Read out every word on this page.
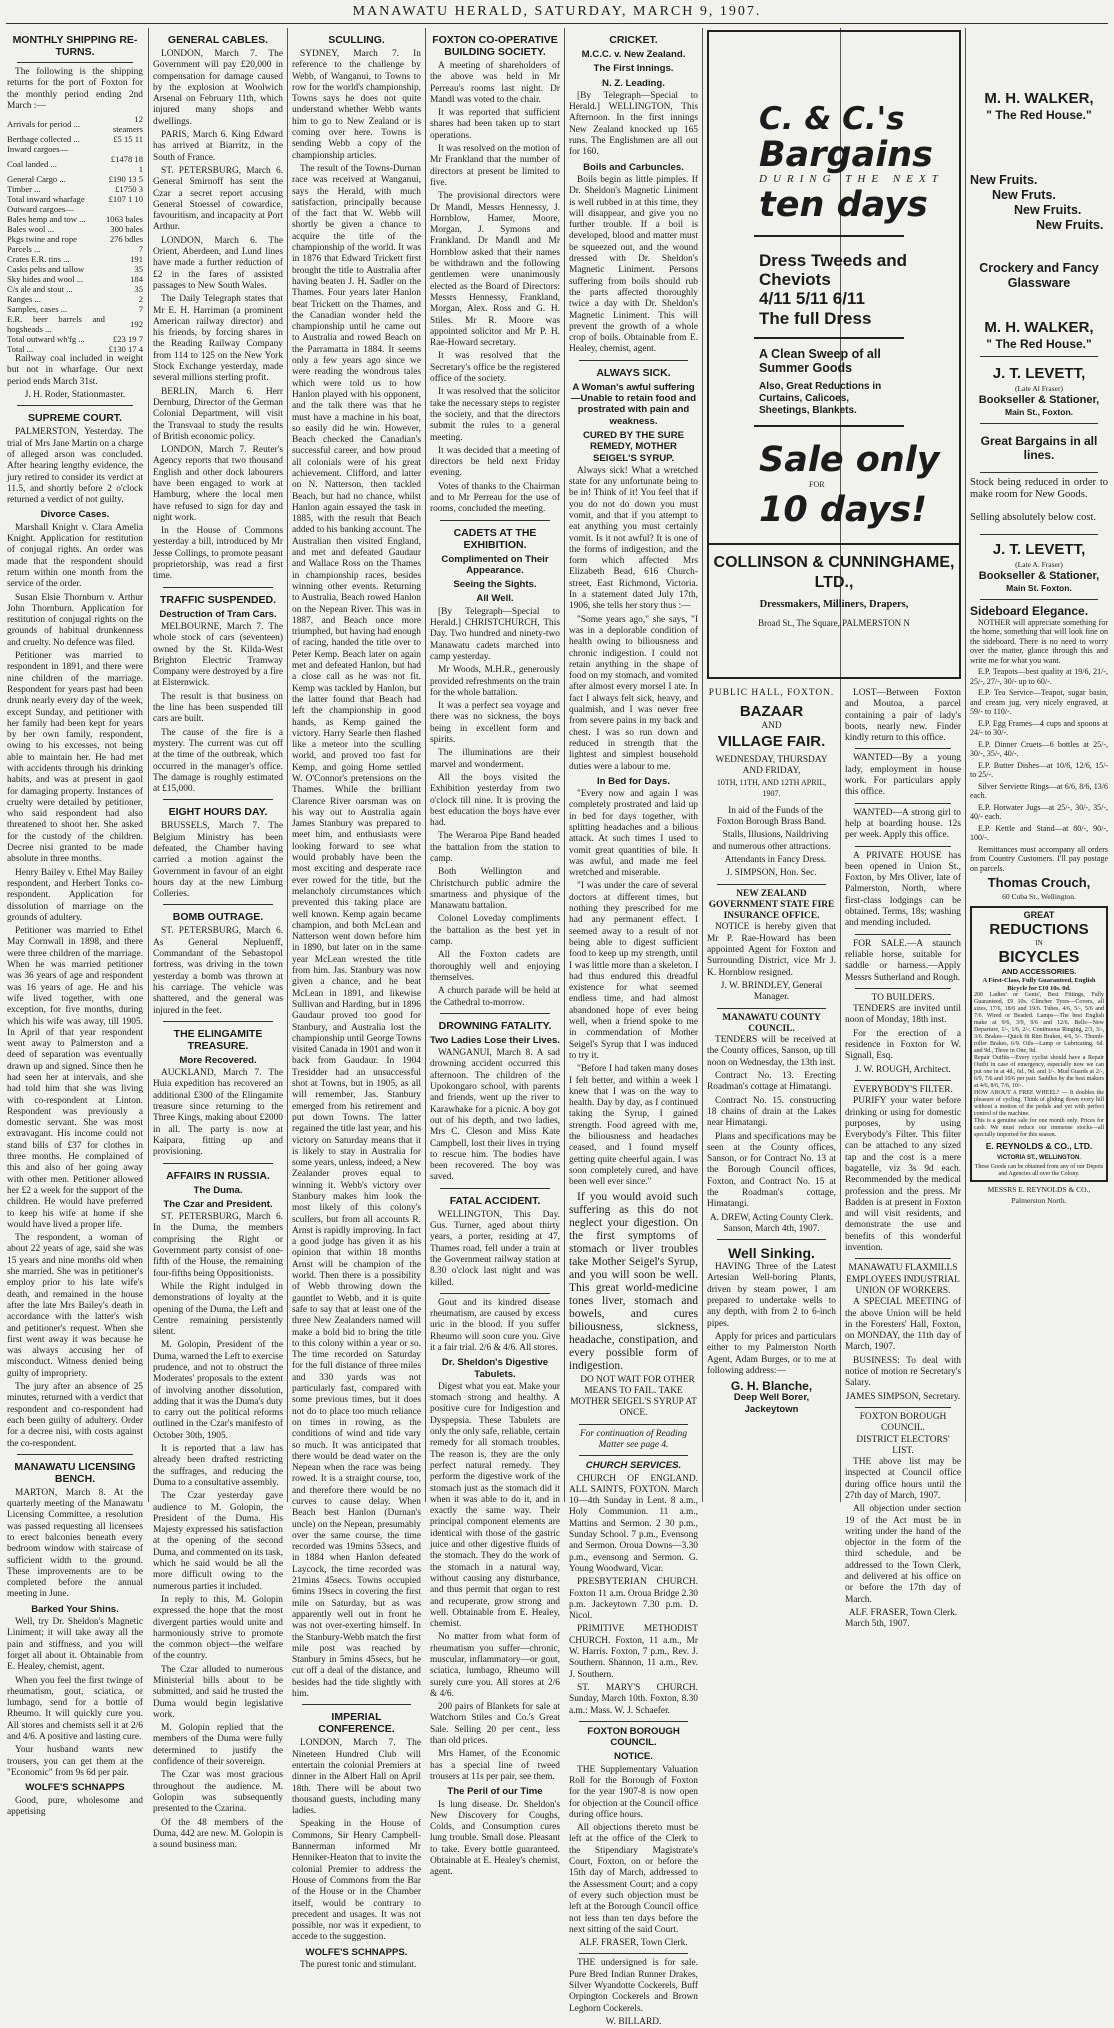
MANAWATU HERALD, SATURDAY, MARCH 9, 1907.
MONTHLY SHIPPING RE-TURNS.

The following is the shipping returns for the port of Foxton for the monthly period ending 2nd March :—

Arrivals for period ...	12 steamers
Berthage collected ...	£5 15 11
Inward cargoes—	
Coal landed ...	£1478 18 1
General Cargo ...	£190 13 5
Timber ...	£1750 3
Total inward wharfage	£107 1 10
Outward cargoes—	
Bales hemp and tow ...	1063 bales
Bales wool ...	300 bales
Pkgs twine and rope	276 bdles
Parcels ...	7
Crates E.R. tins ...	191
Casks pelts and tallow	35
Sky hides and wool ...	184
C/s ale and stout ...	35
Ranges ...	2
Samples, cases ...	7
E.R. beer barrels and hogsheads ...	192
Total outward wh'fg ...	£23 19 7
Total ...	£130 17 4

Railway coal included in weight but not in wharfage. Our next period ends March 31st.

J. H. Roder, Stationmaster.
SUPREME COURT.

PALMERSTON, Yesterday. The trial of Mrs Jane Martin on a charge of alleged arson was concluded. After hearing lengthy evidence, the jury retired to consider its verdict at 11.5, and shortly before 2 o'clock returned a verdict of not guilty.

Divorce Cases.

Marshall Knight v. Clara Amelia Knight. Application for restitution of conjugal rights. An order was made that the respondent should return within one month from the service of the order.

Susan Elsie Thornburn v. Arthur John Thornburn. Application for restitution of conjugal rights on the grounds of habitual drunkenness and cruelty. No defence was filed.

Petitioner was married to respondent in 1891, and there were nine children of the marriage. Respondent for years past had been drunk nearly every day of the week, except Sunday, and petitioner with her family had been kept for years by her own family, respondent, owing to his excesses, not being able to maintain her. He had met with accidents through his drinking habits, and was at present in gaol for damaging property. Instances of cruelty were detailed by petitioner, who said respondent had also threatened to shoot her. She asked for the custody of the children. Decree nisi granted to be made absolute in three months.

Henry Bailey v. Ethel May Bailey respondent, and Herbert Tonks co-respondent. Application for dissolution of marriage on the grounds of adultery.

Petitioner was married to Ethel May Cornwall in 1898, and there were three children of the marriage. When he was married petitioner was 36 years of age and respondent was 16 years of age. He and his wife lived together, with one exception, for five months, during which his wife was away, till 1905. In April of that year respondent went away to Palmerston and a deed of separation was eventually drawn up and signed. Since then he had seen her at intervals, and she had told him that she was living with co-respondent at Linton. Respondent was previously a domestic servant. She was most extravagant. His income could not stand bills of £37 for clothes in three months. He complained of this and also of her going away with other men. Petitioner allowed her £2 a week for the support of the children. He would have preferred to keep his wife at home if she would have lived a proper life.

The respondent, a woman of about 22 years of age, said she was 15 years and nine months old when she married. She was in petitioner's employ prior to his late wife's death, and remained in the house after the late Mrs Bailey's death in accordance with the latter's wish and petitioner's request. When she first went away it was because he was always accusing her of misconduct. Witness denied being guilty of impropriety.

The jury after an absence of 25 minutes, returned with a verdict that respondent and co-respondent had each been guilty of adultery. Order for a decree nisi, with costs against the co-respondent.

MANAWATU LICENSING BENCH.

MARTON, March 8. At the quarterly meeting of the Manawatu Licensing Committee, a resolution was passed requesting all licensees to erect balconies beneath every bedroom window with staircase of sufficient width to the ground. These improvements are to be completed before the annual meeting in June.

Barked Your Shins.

Well, try Dr. Sheldon's Magnetic Liniment; it will take away all the pain and stiffness, and you will forget all about it. Obtainable from E. Healey, chemist, agent.

When you feel the first twinge of rheumatism, gout, sciatica, or lumbago, send for a bottle of Rheumo. It will quickly cure you. All stores and chemists sell it at 2/6 and 4/6. A positive and lasting cure.

Your husband wants new trousers, you can get them at the "Economic" from 9s 6d per pair.

WOLFE'S SCHNAPPS

Good, pure, wholesome and appetising

GENERAL CABLES.

LONDON, March 7. The Government will pay £20,000 in compensation for damage caused by the explosion at Woolwich Arsenal on February 11th, which injured many shops and dwellings.

PARIS, March 6. King Edward has arrived at Biarritz, in the South of France.

ST. PETERSBURG, March 6. General Smirnoff has sent the Czar a secret report accusing General Stoessel of cowardice, favouritism, and incapacity at Port Arthur.

LONDON, March 6. The Orient, Aberdeen, and Lund lines have made a further reduction of £2 in the fares of assisted passages to New South Wales.

The Daily Telegraph states that Mr E. H. Harriman (a prominent American railway director) and his friends, by forcing shares in the Reading Railway Company from 114 to 125 on the New York Stock Exchange yesterday, made several millions sterling profit.

BERLIN, March 6. Herr Dernburg, Director of the German Colonial Department, will visit the Transvaal to study the results of British economic policy.

LONDON, March 7. Reuter's Agency reports that two thousand English and other dock labourers have been engaged to work at Hamburg, where the local men have refused to sign for day and night work.

In the House of Commons yesterday a bill, introduced by Mr Jesse Collings, to promote peasant proprietorship, was read a first time.

TRAFFIC SUSPENDED.
Destruction of Tram Cars.

MELBOURNE, March 7. The whole stock of cars (seventeen) owned by the St. Kilda-West Brighton Electric Tramway Company were destroyed by a fire at Elsternwick.

The result is that business on the line has been suspended till cars are built.

The cause of the fire is a mystery. The current was cut off at the time of the outbreak, which occurred in the manager's office. The damage is roughly estimated at £15,000.

EIGHT HOURS DAY.

BRUSSELS, March 7. The Belgium Ministry has been defeated, the Chamber having carried a motion against the Government in favour of an eight hours day at the new Limburg Colleries.

BOMB OUTRAGE.

ST. PETERSBURG, March 6. As General Nepluenff, Commandant of the Sebastopol fortress, was driving in the town yesterday a bomb was thrown at his carriage. The vehicle was shattered, and the general was injured in the feet.

THE ELINGAMITE TREASURE.
More Recovered.

AUCKLAND, March 7. The Huia expedition has recovered an additional £300 of the Elingamite treasure since returning to the Three Kings, making about £2000 in all. The party is now at Kaipara, fitting up and provisioning.

AFFAIRS IN RUSSIA.
The Duma.
The Czar and President.

ST. PETERSBURG, March 6. In the Duma, the members comprising the Right or Government party consist of one-fifth of the House, the remaining four-fifths being Oppositionists.

While the Right indulged in demonstrations of loyalty at the opening of the Duma, the Left and Centre remaining persistently silent.

M. Golopin, President of the Duma, warned the Left to exercise prudence, and not to obstruct the Moderates' proposals to the extent of involving another dissolution, adding that it was the Duma's duty to carry out the political reforms outlined in the Czar's manifesto of October 30th, 1905.

It is reported that a law has already been drafted restricting the suffrages, and reducing the Duma to a consultative assembly.

The Czar yesterday gave audience to M. Golopin, the President of the Duma. His Majesty expressed his satisfaction at the opening of the second Duma, and commented on its task, which he said would be all the more difficult owing to the numerous parties it included.

In reply to this, M. Golopin expressed the hope that the most divergent parties would unite and harmoniously strive to promote the common object—the welfare of the country.

The Czar alluded to numerous Ministerial bills about to be submitted, and said he trusted the Duma would begin legislative work.

M. Golopin replied that the members of the Duma were fully determined to justify the confidence of their sovereign.

The Czar was most gracious throughout the audience. M. Golopin was subsequently presented to the Czarina.

Of the 48 members of the Duma, 442 are new. M. Golopin is a sound business man.

SCULLING.

SYDNEY, March 7. In reference to the challenge by Webb, of Wanganui, to Towns to row for the world's championship, Towns says he does not quite understand whether Webb wants him to go to New Zealand or is coming over here. Towns is sending Webb a copy of the championship articles.

The result of the Towns-Durnan race was received at Wanganui, says the Herald, with much satisfaction, principally because of the fact that W. Webb will shortly be given a chance to acquire the title of the championship of the world. It was in 1876 that Edward Trickett first brought the title to Australia after having beaten J. H. Sadler on the Thames. Four years later Hanlon beat Trickett on the Thames, and the Canadian wonder held the championship until he came out to Australia and rowed Beach on the Parramatta in 1884. It seems only a few years ago since we were reading the wondrous tales which were told us to how Hanlon played with his opponent, and the talk there was that he must have a machine in his boat, so easily did he win. However, Beach checked the Canadian's successful career, and how proud all colonials were of his great achievement. Clifford, and latter on N. Natterson, then tackled Beach, but had no chance, whilst Hanlon again essayed the task in 1885, with the result that Beach added to his banking account. The Australian then visited England, and met and defeated Gaudaur and Wallace Ross on the Thames in championship races, besides winning other events. Returning to Australia, Beach rowed Hanlon on the Nepean River. This was in 1887, and Beach once more triumphed, but having had enough of racing, handed the title over to Peter Kemp. Beach later on again met and defeated Hanlon, but had a close call as he was not fit. Kemp was tackled by Hanlon, but the latter found that Beach had left the championship in good hands, as Kemp gained the victory. Harry Searle then flashed like a meteor into the sculling world, and proved too fast for Kemp, and going Home settled W. O'Connor's pretensions on the Thames. While the brilliant Clarence River oarsman was on his way out to Australia again James Stanbury was prepared to meet him, and enthusiasts were looking forward to see what would probably have been the most exciting and desperate race ever rowed for the title, but the melancholy circumstances which prevented this taking place are well known. Kemp again became champion, and both McLean and Natterson went down before him in 1890, but later on in the same year McLean wrested the title from him. Jas. Stanbury was now given a chance, and he beat McLean in 1891, and likewise Sullivan and Harding, but in 1896 Gaudaur proved too good for Stanbury, and Australia lost the championship until George Towns visited Canada in 1901 and won it back from Gaudaur. In 1904 Tresidder had an unsuccessful shot at Towns, but in 1905, as all will remember, Jas. Stanbury emerged from his retirement and put down Towns. The latter regained the title last year, and his victory on Saturday means that it is likely to stay in Australia for some years, unless, indeed, a New Zealander proves equal to winning it. Webb's victory over Stanbury makes him look the most likely of this colony's scullers, but from all accounts R. Arnst is rapidly improving. In fact a good judge has given it as his opinion that within 18 months Arnst will be champion of the world. Then there is a possibility of Webb throwing down the gauntlet to Webb, and it is quite safe to say that at least one of the three New Zealanders named will make a bold bid to bring the title to this colony within a year or so. The time recorded on Saturday for the full distance of three miles and 330 yards was not particularly fast, compared with some previous times, but it does not do to place too much reliance on times in rowing, as the conditions of wind and tide vary so much. It was anticipated that there would be dead water on the Nepean when the race was being rowed. It is a straight course, too, and therefore there would be no curves to cause delay. When Beach best Hanlon (Durnan's uncle) on the Nepean, presumably over the same course, the time recorded was 19mins 53secs, and in 1884 when Hanlon defeated Laycock, the time recorded was 21mins 45secs. Towns occupied 6mins 19secs in covering the first mile on Saturday, but as was apparently well out in front he was not over-exerting himself. In the Stanbury-Webb match the first mile post was reached by Stanbury in 5mins 45secs, but he cut off a deal of the distance, and besides had the tide slightly with him.

IMPERIAL CONFERENCE.

LONDON, March 7. The Nineteen Hundred Club will entertain the colonial Premiers at dinner in the Albert Hall on April 18th. There will be about two thousand guests, including many ladies.

Speaking in the House of Commons, Sir Henry Campbell-Bannerman informed Mr Henniker-Heaton that to invite the colonial Premier to address the House of Commons from the Bar of the House or in the Chamber itself, would be contrary to precedent and usages. It was not possible, nor was it expedient, to accede to the suggestion.

WOLFE'S SCHNAPPS.

The purest tonic and stimulant.

FOXTON CO-OPERATIVE BUILDING SOCIETY.

A meeting of shareholders of the above was held in Mr Perreau's rooms last night. Dr Mandl was voted to the chair.

It was reported that sufficient shares had been taken up to start operations.

It was resolved on the motion of Mr Frankland that the number of directors at present be limited to five.

The provisional directors were Dr Mandl, Messrs Hennessy, J. Hornblow, Hamer, Moore, Morgan, J. Symons and Frankland. Dr Mandl and Mr Hornblow asked that their names be withdrawn and the following gentlemen were unanimously elected as the Board of Directors: Messrs Hennessy, Frankland, Morgan, Alex. Ross and G. H. Stiles. Mr R. Moore was appointed solicitor and Mr P. H. Rae-Howard secretary.

It was resolved that the Secretary's office be the registered office of the society.

It was resolved that the solicitor take the necessary steps to register the society, and that the directors submit the rules to a general meeting.

It was decided that a meeting of directors be held next Friday evening.

Votes of thanks to the Chairman and to Mr Perreau for the use of rooms, concluded the meeting.

CADETS AT THE EXHIBITION.
Complimented on Their Appearance.
Seeing the Sights.
All Well.

[By Telegraph—Special to Herald.] CHRISTCHURCH, This Day. Two hundred and ninety-two Manawatu cadets marched into camp yesterday.

Mr Woods, M.H.R., generously provided refreshments on the train for the whole battalion.

It was a perfect sea voyage and there was no sickness, the boys being in excellent form and spirits.

The illuminations are their marvel and wonderment.

All the boys visited the Exhibition yesterday from two o'clock till nine. It is proving the best education the boys have ever had.

The Weraroa Pipe Band headed the battalion from the station to camp.

Both Wellington and Christchurch public admire the smartness and physique of the Manawatu battalion.

Colonel Loveday compliments the battalion as the best yet in camp.

All the Foxton cadets are thoroughly well and enjoying themselves.

A church parade will be held at the Cathedral to-morrow.

DROWNING FATALITY.
Two Ladies Lose their Lives.

WANGANUI, March 8. A sad drowning accident occurred this afternoon. The children of the Upokongaro school, with parents and friends, went up the river to Karawhake for a picnic. A boy got out of his depth, and two ladies, Mrs C. Cleson and Miss Kate Campbell, lost their lives in trying to rescue him. The bodies have been recovered. The boy was saved.

FATAL ACCIDENT.

WELLINGTON, This Day. Gus. Turner, aged about thirty years, a porter, residing at 47, Thames road, fell under a train at the Government railway station at 8.30 o'clock last night and was killed.

Gout and its kindred disease rheumatism, are caused by excess uric in the blood. If you suffer Rheumo will soon cure you. Give it a fair trial. 2/6 & 4/6. All stores.

Dr. Sheldon's Digestive Tabulets.

Digest what you eat. Make your stomach strong and healthy. A positive cure for Indigestion and Dyspepsia. These Tabulets are only the only safe, reliable, certain remedy for all stomach troubles. The reason is, they are the only perfect natural remedy. They perform the digestive work of the stomach just as the stomach did it when it was able to do it, and in exactly the same way. Their principal component elements are identical with those of the gastric juice and other digestive fluids of the stomach. They do the work of the stomach in a natural way, without causing any disturbance, and thus permit that organ to rest and recuperate, grow strong and well. Obtainable from E. Healey, chemist.

No matter from what form of rheumatism you suffer—chronic, muscular, inflammatory—or gout, sciatica, lumbago, Rheumo will surely cure you. All stores at 2/6 & 4/6.

200 pairs of Blankets for sale at Watchorn Stiles and Co.'s Great Sale. Selling 20 per cent., less than old prices.

Mrs Hamer, of the Economic has a special line of tweed trousers at 11s per pair, see them.

The Peril of our Time

Is lung disease. Dr. Sheldon's New Discovery for Coughs, Colds, and Consumption cures lung trouble. Small dose. Pleasant to take. Every bottle guaranteed. Obtainable at E. Healey's chemist, agent.

CRICKET.
M.C.C. v. New Zealand.
The First Innings.
N. Z. Leading.

[By Telegraph—Special to Herald.] WELLINGTON, This Afternoon. In the first innings New Zealand knocked up 165 runs. The Englishmen are all out for 160.

Boils and Carbuncles.

Boils begin as little pimples. If Dr. Sheldon's Magnetic Liniment is well rubbed in at this time, they will disappear, and give you no further trouble. If a boil is developed, blood and matter must be squeezed out, and the wound dressed with Dr. Sheldon's Magnetic Liniment. Persons suffering from boils should rub the parts affected thoroughly twice a day with Dr. Sheldon's Magnetic Liniment. This will prevent the growth of a whole crop of boils. Obtainable from E. Healey, chemist, agent.

ALWAYS SICK.
A Woman's awful suffering—Unable to retain food and prostrated with pain and weakness.
CURED BY THE SURE REMEDY, MOTHER SEIGEL'S SYRUP.

Always sick! What a wretched state for any unfortunate being to be in! Think of it! You feel that if you do not do down you must vomit, and that if you attempt to eat anything you must certainly vomit. Is it not awful? It is one of the forms of indigestion, and the form which affected Mrs Elizabeth Bead, 616 Church-street, East Richmond, Victoria. In a statement dated July 17th, 1906, she tells her story thus :—

"Some years ago," she says, "I was in a deplorable condition of health owing to biliousness and chronic indigestion. I could not retain anything in the shape of food on my stomach, and vomited after almost every morsel I ate. In fact I always felt sick, heavy, and qualmish, and I was never free from severe pains in my back and chest. I was so run down and reduced in strength that the lightest and simplest household duties were a labour to me.

In Bed for Days.

"Every now and again I was completely prostrated and laid up in bed for days together, with splitting headaches and a bilious attack. At such times I used to vomit great quantities of bile. It was awful, and made me feel wretched and miserable.

"I was under the care of several doctors at different times, but nothing they prescribed for me had any permanent effect. I seemed away to a result of not being able to digest sufficient food to keep up my strength, until I was little more than a skeleton. I had thus endured this dreadful existence for what seemed endless time, and had almost abandoned hope of ever being well, when a friend spoke to me in commendation of Mother Seigel's Syrup that I was induced to try it.

"Before I had taken many doses I felt better, and within a week I knew that I was on the way to health. Day by day, as I continued taking the Syrup, I gained strength. Food agreed with me, the biliousness and headaches ceased, and I found myself getting quite cheerful again. I was soon completely cured, and have been well ever since."

If you would avoid such suffering as this do not neglect your digestion. On the first symptoms of stomach or liver troubles take Mother Seigel's Syrup, and you will soon be well. This great world-medicine tones liver, stomach and bowels, and cures biliousness, sickness, headache, constipation, and every possible form of indigestion.

DO NOT WAIT FOR OTHER MEANS TO FAIL. TAKE MOTHER SEIGEL'S SYRUP AT ONCE.

For continuation of Reading Matter see page 4.
CHURCH SERVICES.

CHURCH OF ENGLAND. ALL SAINTS, FOXTON. March 10—4th Sunday in Lent. 8 a.m., Holy Communion. 11 a.m., Mattins and Sermon. 2 30 p.m., Sunday School. 7 p.m., Evensong and Sermon. Oroua Downs—3.30 p.m., evensong and Sermon. G. Young Woodward, Vicar.

PRESBYTERIAN CHURCH. Foxton 11 a.m. Oroua Bridge 2.30 p.m. Jackeytown 7.30 p.m. D. Nicol.

PRIMITIVE METHODIST CHURCH. Foxton, 11 a.m., Mr W. Harris. Foxton, 7 p.m., Rev. J. Southern. Shannon, 11 a.m., Rev. J. Southern.

ST. MARY'S CHURCH. Sunday, March 10th. Foxton, 8.30 a.m.: Mass. W. J. Schaefer.

FOXTON BOROUGH COUNCIL.
NOTICE.

THE Supplementary Valuation Roll for the Borough of Foxton for the year 1907-8 is now open for objection at the Council office during office hours.

All objections thereto must be left at the office of the Clerk to the Stipendiary Magistrate's Court, Foxton, on or before the 15th day of March, addressed to the Assessment Court; and a copy of every such objection must be left at the Borough Council office not less than ten days before the next sitting of the said Court.

ALF. FRASER, Town Clerk.

THE undersigned is for sale. Pure Bred Indian Runner Drakes, Silver Wyandotte Cockerels, Buff Orpington Cockerels and Brown Leghorn Cockerels.

W. BILLARD.
C. & C.'s
Bargains
DURING THE NEXT
ten days
Dress Tweeds and Cheviots
4/11 5/11 6/11
The full Dress
A Clean Sweep of all Summer Goods
Also, Great Reductions in Curtains, Calicoes, Sheetings, Blankets.
Sale only
FOR
10 days!
COLLINSON & CUNNINGHAME, LTD.,
Dressmakers, Milliners, Drapers,
Broad St., The Square, PALMERSTON N
PUBLIC HALL, FOXTON.
BAZAAR
AND
VILLAGE FAIR.
WEDNESDAY, THURSDAY AND FRIDAY,
10TH, 11TH, AND 12TH APRIL, 1907.

In aid of the Funds of the Foxton Borough Brass Band.

Stalls, Illusions, Naildriving and numerous other attractions.

Attendants in Fancy Dress.

J. SIMPSON, Hon. Sec.
NEW ZEALAND GOVERNMENT STATE FIRE INSURANCE OFFICE.

NOTICE is hereby given that Mr P. Rae-Howard has been appointed Agent for Foxton and Surrounding District, vice Mr J. K. Hornblow resigned.

J. W. BRINDLEY, General Manager.
MANAWATU COUNTY COUNCIL.

TENDERS will be received at the County offices, Sanson, up till noon on Wednesday, the 13th inst.

Contract No. 13. Erecting Roadman's cottage at Himatangi.

Contract No. 15. constructing 18 chains of drain at the Lakes near Himatangi.

Plans and specifications may be seen at the County offices, Sanson, or for Contract No. 13 at the Borough Council offices, Foxton, and Contract No. 15 at the Roadman's cottage, Himatangi.

A. DREW, Acting County Clerk. Sanson, March 4th, 1907.
Well Sinking.

HAVING Three of the Latest Artesian Well-boring Plants, driven by steam power, I am prepared to undertake wells to any depth, with from 2 to 6-inch pipes.

Apply for prices and particulars either to my Palmerston North Agent, Adam Burges, or to me at following address:—

G. H. Blanche,
Deep Well Borer, Jackeytown

LOST—Between Foxton and Moutoa, a parcel containing a pair of lady's boots, nearly new. Finder kindly return to this office.

WANTED—By a young lady, employment in house work. For particulars apply this office.

WANTED—A strong girl to help at boarding house. 12s per week. Apply this office.

A PRIVATE HOUSE has been opened in Union St., Foxton, by Mrs Oliver, late of Palmerston, North, where first-class lodgings can be obtained. Terms, 18s; washing and mending included.

FOR SALE.—A staunch reliable horse, suitable for saddle or harness.—Apply Messrs Sutherland and Rough.

TO BUILDERS.

TENDERS are invited until noon of Monday, 18th inst.

For the erection of a residence in Foxton for W. Signall, Esq.

J. W. ROUGH, Architect.
EVERYBODY'S FILTER.

PURIFY your water before drinking or using for domestic purposes, by using Everybody's Filter. This filter can be attached to any sized tap and the cost is a mere bagatelle, viz 3s 9d each. Recommended by the medical profession and the press. Mr Badden is at present in Foxton and will visit residents, and demonstrate the use and benefits of this wonderful invention.

MANAWATU FLAXMILLS EMPLOYEES INDUSTRIAL UNION OF WORKERS.

A SPECIAL MEETING of the above Union will be held in the Foresters' Hall, Foxton, on MONDAY, the 11th day of March, 1907.

BUSINESS: To deal with notice of motion re Secretary's Salary.

JAMES SIMPSON, Secretary.
FOXTON BOROUGH COUNCIL.
DISTRICT ELECTORS' LIST.

THE above list may be inspected at Council office during office hours until the 27th day of March, 1907.

All objection under section 19 of the Act must be in writing under the hand of the objector in the form of the third schedule, and be addressed to the Town Clerk, and delivered at his office on or before the 17th day of March.

ALF. FRASER, Town Clerk.
March 5th, 1907.
M. H. WALKER,
" The Red House."
New Fruits.
New Fruts.
New Fruits.
New Fruits.
Crockery and Fancy Glassware
M. H. WALKER,
" The Red House."
J. T. LEVETT,
(Late Al Fraser)
Bookseller & Stationer,
Main St., Foxton.
Great Bargains in all lines.
Stock being reduced in order to make room for New Goods.
Selling absolutely below cost.
J. T. LEVETT,
(Late A. Fraser)
Bookseller & Stationer,
Main St. Foxton.
Sideboard Elegance.

NOTHER will appreciate something for the home, something that will look fine on the sideboard. There is no need to worry over the matter, glance through this and write me for what you want.

E.P. Teapots—best quality at 19/6, 21/-, 25/-, 27/-, 30/- up to 60/-.

E.P. Tea Service—Teapot, sugar basin, and cream jug, very nicely engraved, at 59/- to 110/-.

E.P. Egg Frames—4 cups and spoons at 24/- to 30/-.

E.P. Dinner Cruets—6 bottles at 25/-, 30/-, 35/-, 40/-.

E.P. Butter Dishes—at 10/6, 12/6, 15/- to 25/-.

Silver Serviette Rings—at 6/6, 8/6, 13/6 each.

E.P. Hotwater Jugs—at 25/-, 30/-, 35/-, 40/- each.

E.P. Kettle and Stand—at 80/-, 90/-, 100/-.

Remittances must accompany all orders from Country Customers. I'll pay postage on parcels.

Thomas Crouch,
60 Cuba St., Wellington.
GREAT
REDUCTIONS
IN
BICYCLES
AND ACCESSORIES.
A First-Class, Fully Guaranteed, English Bicycle for £10 10s. 0d.
200 Ladies' or Gents', Best Fittings, Fully Guaranteed, £9 10s. Clincher Tyres—Covers, all sizes, 17/6, 18/6 and 19/6. Tubes, 4/6, 5/-, 5/6 and 7/6. Wired or Beaded. Lamps—The best English make at 9/6, 3/9, 9/6 and 12/6. Bells—New Departure, 1/-, 1/6, 2/-; Continuous Ringing, 2/3, 3/-, 3/6. Brakes—Quick fit Rim Brakes, 4/6, 5/-. Thumb-roller Brakes, 6/9. Oils—Lamp or Lubricating, 6d. and 9d., Three in One, 9d.
Repair Outfits—Every cyclist should have a Repair Outfit in case of emergency, especially now we can put one in at 4d., 6d., 9d. and 1/-. Mud Guards at 2/-, 6/9, 7/6 and 10/6 per pair. Saddles by the best makers at 4/6, 8/6, 7/6, 10/-.
HOW ABOUT A FREE WHEEL? — It doubles the pleasure of cycling. Think of gliding down every hill without a motion of the pedals and yet with perfect control of the machine.
This is a genuine sale for one month only. Prices for cash. We must reduce our immense stocks—all specially imported for this season.
E. REYNOLDS & CO., LTD.
VICTORIA ST., WELLINGTON.
These Goods can be obtained from any of our Depots and Agencies all over the Colony.
MESSRS E. REYNOLDS & CO.,
Palmerston North.
